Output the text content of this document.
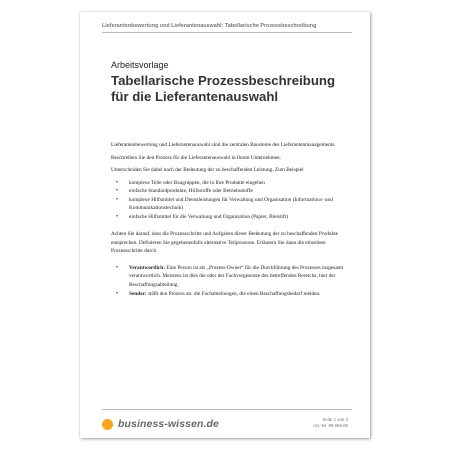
Lieferantenbewertung und Lieferantenauswahl: Tabellarische Prozessbeschreibung
Arbeitsvorlage
Tabellarische Prozessbeschreibung für die Lieferantenauswahl

Lieferantenbewertung und Lieferantenauswahl sind die zentralen Bausteine des Lieferantenmanagements.

Beschreiben Sie den Prozess für die Lieferantenauswahl in Ihrem Unternehmen.

Unterscheiden Sie dabei nach der Bedeutung der zu beschaffenden Leistung. Zum Beispiel

• komplexe Teile oder Baugruppen, die in Ihre Produkte eingehen
• einfache Standardprodukte, Hilfsstoffe oder Betriebsstoffe
• komplexe Hilfsmittel und Dienstleistungen für Verwaltung und Organisation (Informations- und Kommunikationstechnik)
• einfache Hilfsmittel für die Verwaltung und Organisation (Papier, Bleistift)

Achten Sie darauf, dass die Prozessschritte und Aufgaben dieser Bedeutung der zu beschaffenden Produkte entsprechen. Definieren Sie gegebenenfalls alternative Teilprozesse. Erläutern Sie dann die einzelnen Prozessschritte durch

• Verantwortlich: Eine Person ist als „Prozess-Owner“ für die Durchführung des Prozesses insgesamt verantwortlich. Meistens ist dies die oder der Fachvorgesetzte des betreffenden Bereichs; hier der Beschaffungsabteilung.
• Sender: stößt den Prozess an: die Fachabteilungen, die einen Beschaffungsbedarf melden.
business-wissen.de	Seite 1 von 3
Art.-Nr. 99.069.05
